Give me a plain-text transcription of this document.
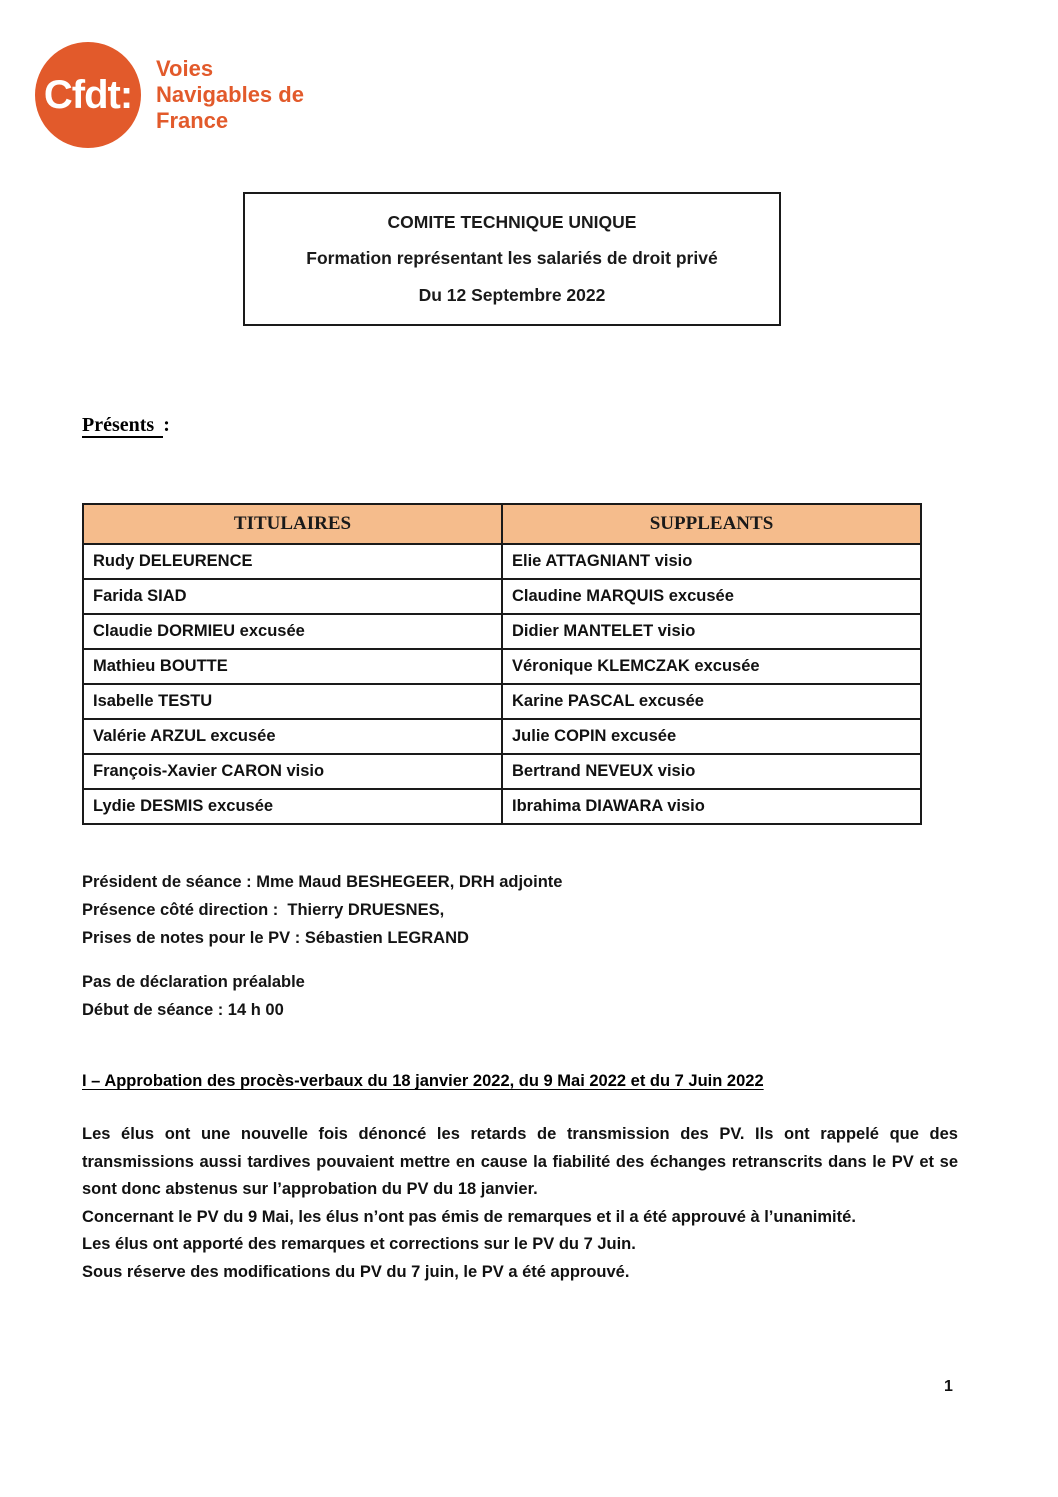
Cfdt:
Voies
Navigables de
France

COMITE TECHNIQUE UNIQUE

Formation représentant les salariés de droit privé

Du 12 Septembre 2022

Présents :
TITULAIRES	SUPPLEANTS
Rudy DELEURENCE	Elie ATTAGNIANT visio
Farida SIAD	Claudine MARQUIS excusée
Claudie DORMIEU excusée	Didier MANTELET visio
Mathieu BOUTTE	Véronique KLEMCZAK excusée
Isabelle TESTU	Karine PASCAL excusée
Valérie ARZUL excusée	Julie COPIN excusée
François-Xavier CARON visio	Bertrand NEVEUX visio
Lydie DESMIS excusée	Ibrahima DIAWARA visio
Président de séance : Mme Maud BESHEGEER, DRH adjointe
Présence côté direction :  Thierry DRUESNES,
Prises de notes pour le PV : Sébastien LEGRAND
Pas de déclaration préalable
Début de séance : 14 h 00
I – Approbation des procès-verbaux du 18 janvier 2022, du 9 Mai 2022 et du 7 Juin 2022

Les élus ont une nouvelle fois dénoncé les retards de transmission des PV. Ils ont rappelé que des transmissions aussi tardives pouvaient mettre en cause la fiabilité des échanges retranscrits dans le PV et se sont donc abstenus sur l’approbation du PV du 18 janvier.

Concernant le PV du 9 Mai, les élus n’ont pas émis de remarques et il a été approuvé à l’unanimité.

Les élus ont apporté des remarques et corrections sur le PV du 7 Juin.

Sous réserve des modifications du PV du 7 juin, le PV a été approuvé.

1
